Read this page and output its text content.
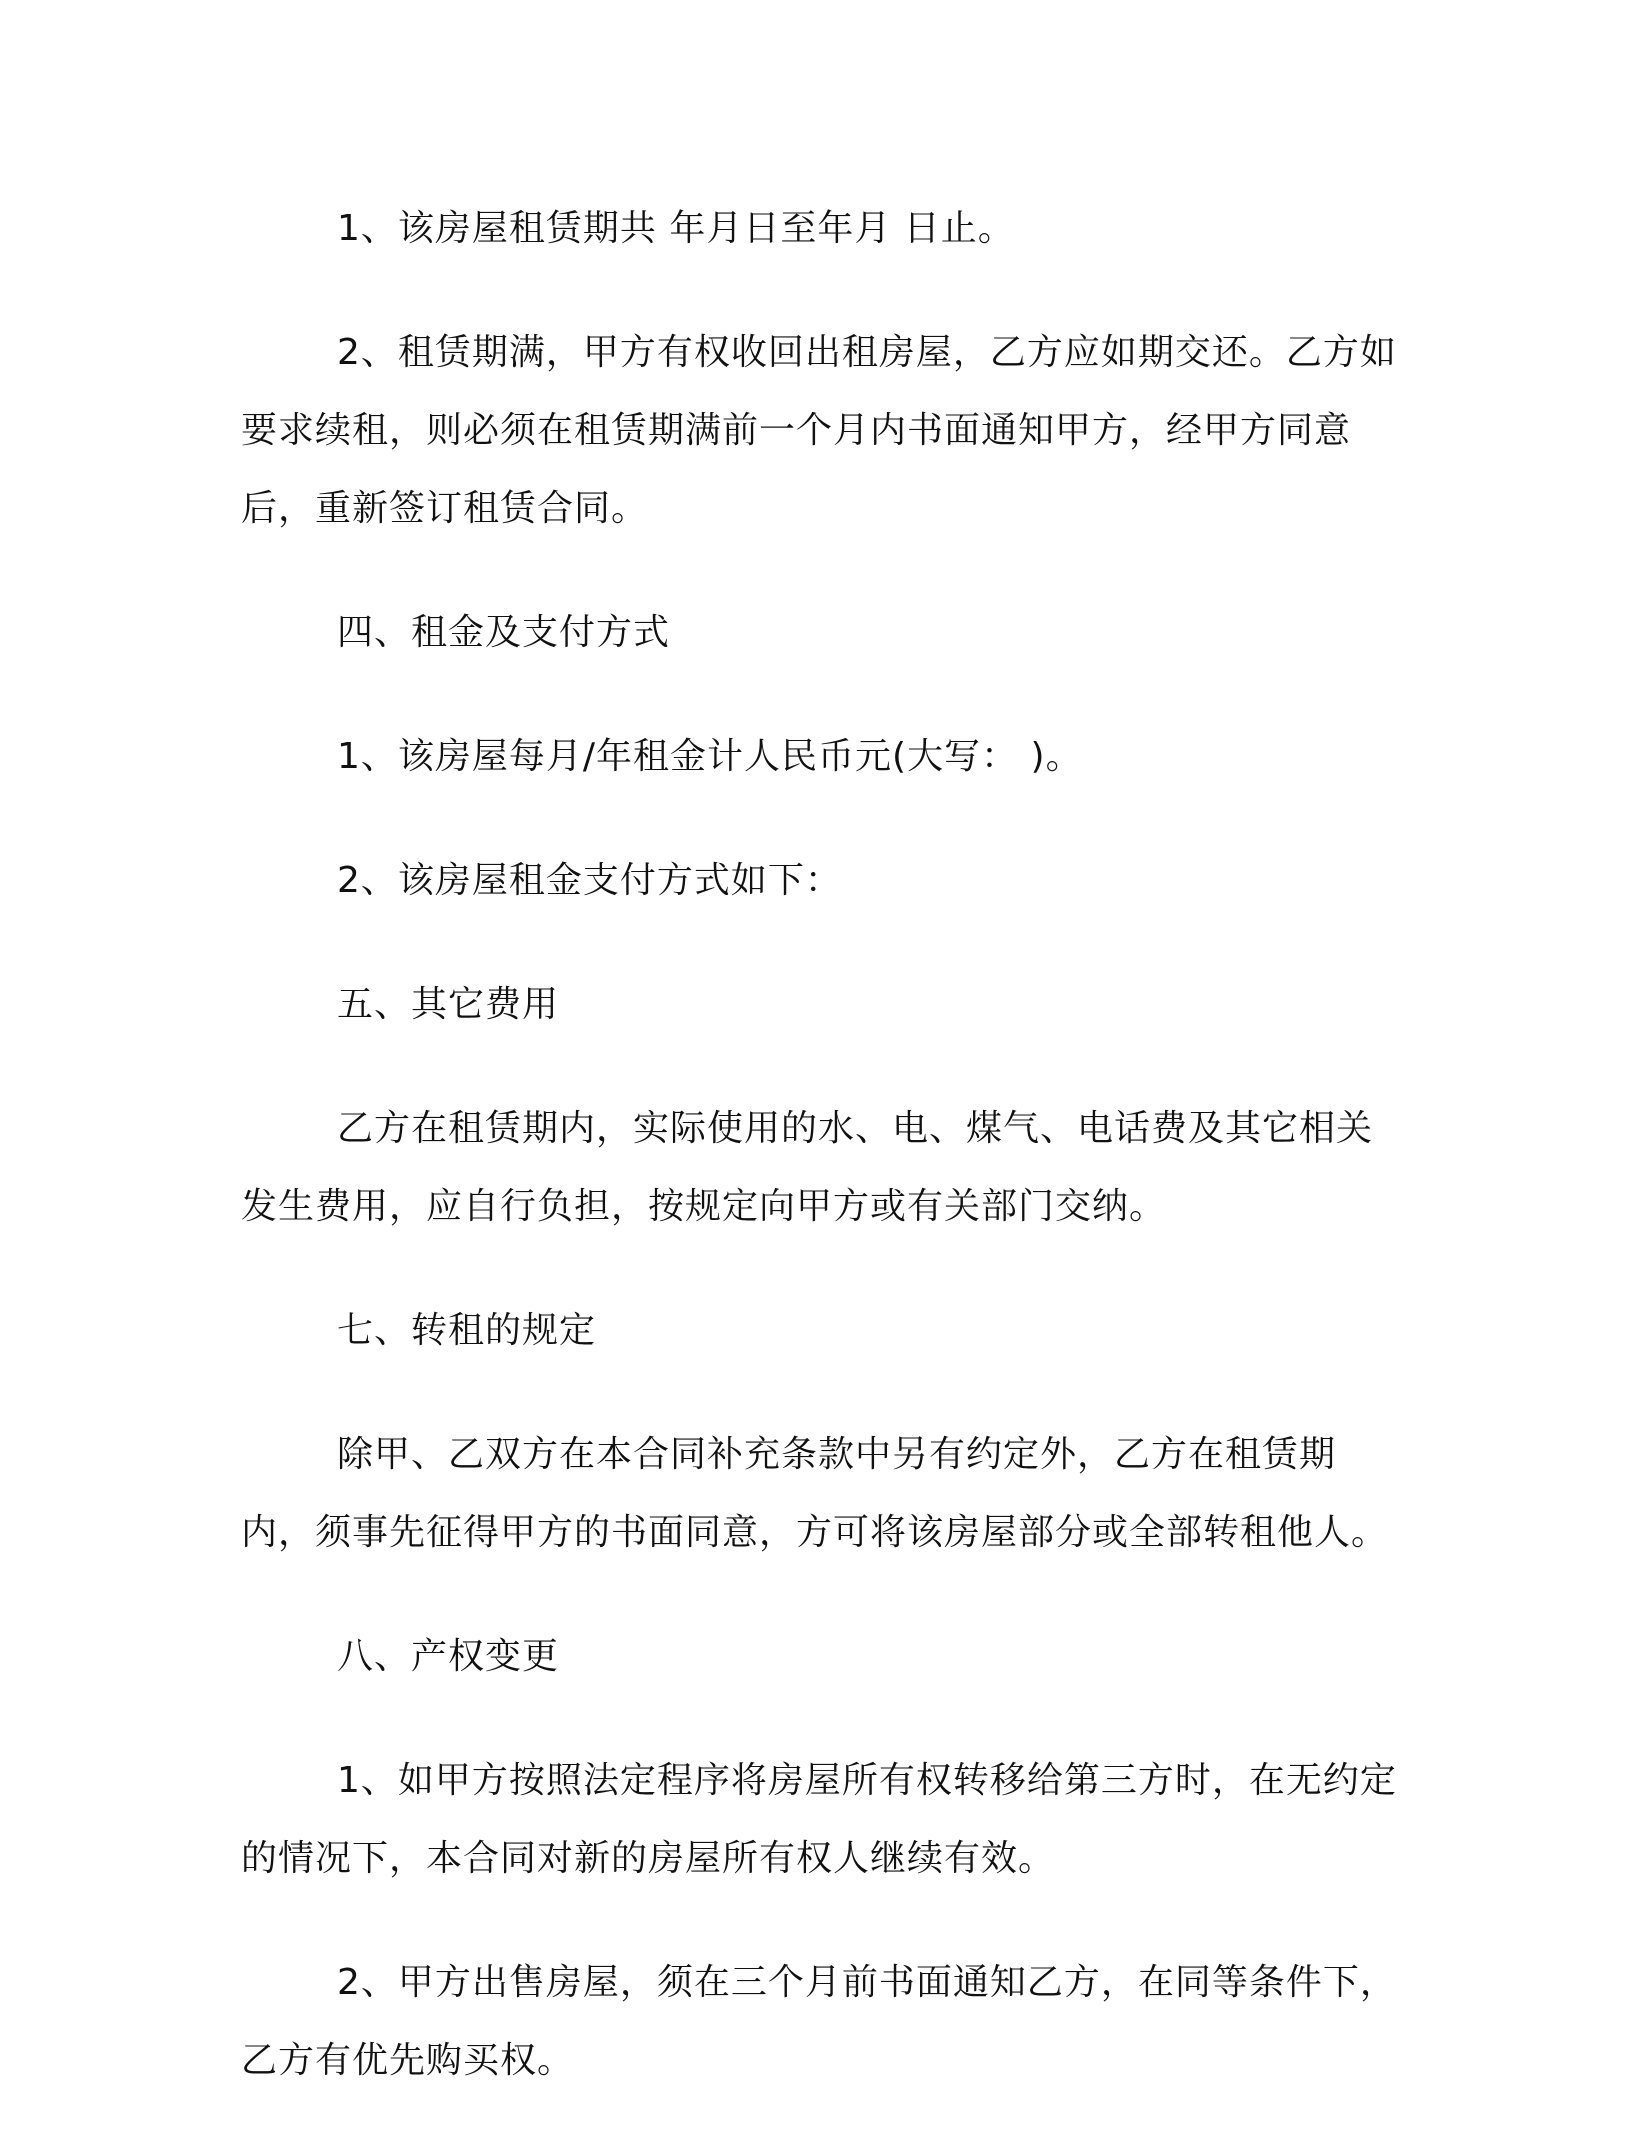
1、该房屋租赁期共 年月日至年月 日止。

2、租赁期满，甲方有权收回出租房屋，乙方应如期交还。乙方如要求续租，则必须在租赁期满前一个月内书面通知甲方，经甲方同意后，重新签订租赁合同。

四、租金及支付方式

1、该房屋每月/年租金计人民币元(大写： )。

2、该房屋租金支付方式如下：

五、其它费用

乙方在租赁期内，实际使用的水、电、煤气、电话费及其它相关发生费用，应自行负担，按规定向甲方或有关部门交纳。

七、转租的规定

除甲、乙双方在本合同补充条款中另有约定外，乙方在租赁期内，须事先征得甲方的书面同意，方可将该房屋部分或全部转租他人。

八、产权变更

1、如甲方按照法定程序将房屋所有权转移给第三方时，在无约定的情况下，本合同对新的房屋所有权人继续有效。

2、甲方出售房屋，须在三个月前书面通知乙方，在同等条件下，乙方有优先购买权。
